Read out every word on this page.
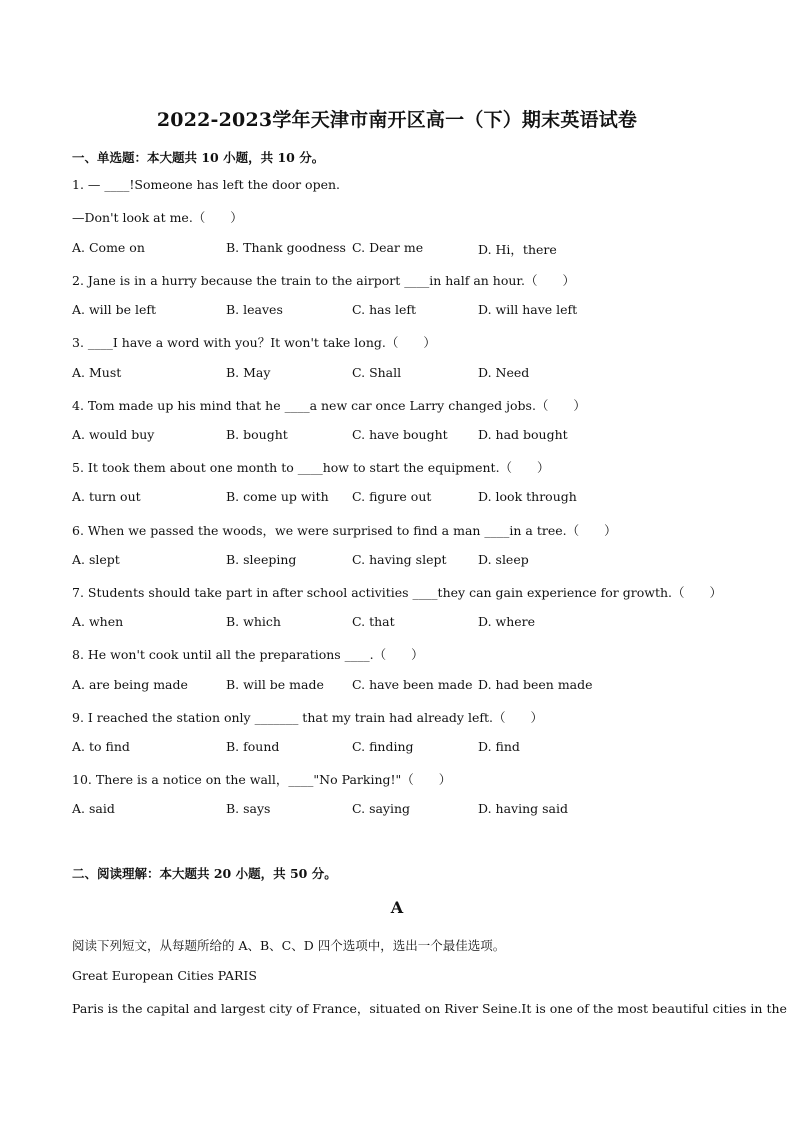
2022-2023学年天津市南开区高一（下）期末英语试卷
一、单选题：本大题共 10 小题，共 10 分。
1. — ____!Someone has left the door open.
—Don't look at me.（　　）
A. Come on	B. Thank goodness C. Dear me	D. Hi，there
2. Jane is in a hurry because the train to the airport ____in half an hour.（　　）
A. will be left	B. leaves	C. has left	D. will have left
3. ____I have a word with you？It won't take long.（　　）
A. Must	B. May	C. Shall	D. Need
4. Tom made up his mind that he ____a new car once Larry changed jobs.（　　）
A. would buy	B. bought	C. have bought D. had bought
5. It took them about one month to ____how to start the equipment.（　　）
A. turn out	B. come up with C. figure out	D. look through
6. When we passed the woods，we were surprised to find a man ____in a tree.（　　）
A. slept	B. sleeping	C. having slept	D. sleep
7. Students should take part in after school activities ____they can gain experience for growth.（　　）
A. when	B. which	C. that	D. where
8. He won't cook until all the preparations ____.（　　）
A. are being made	B. will be made C. have been made D. had been made
9. I reached the station only _______ that my train had already left.（　　）
A. to find	B. found	C. finding	D. find
10. There is a notice on the wall，____"No Parking!"（　　）
A. said	B. says	C. saying	D. having said
二、阅读理解：本大题共 20 小题，共 50 分。
A
阅读下列短文，从每题所给的 A、B、C、D 四个选项中，选出一个最佳选项。
Great European Cities PARIS
Paris is the capital and largest city of France，situated on River Seine.It is one of the most beautiful cities in the
